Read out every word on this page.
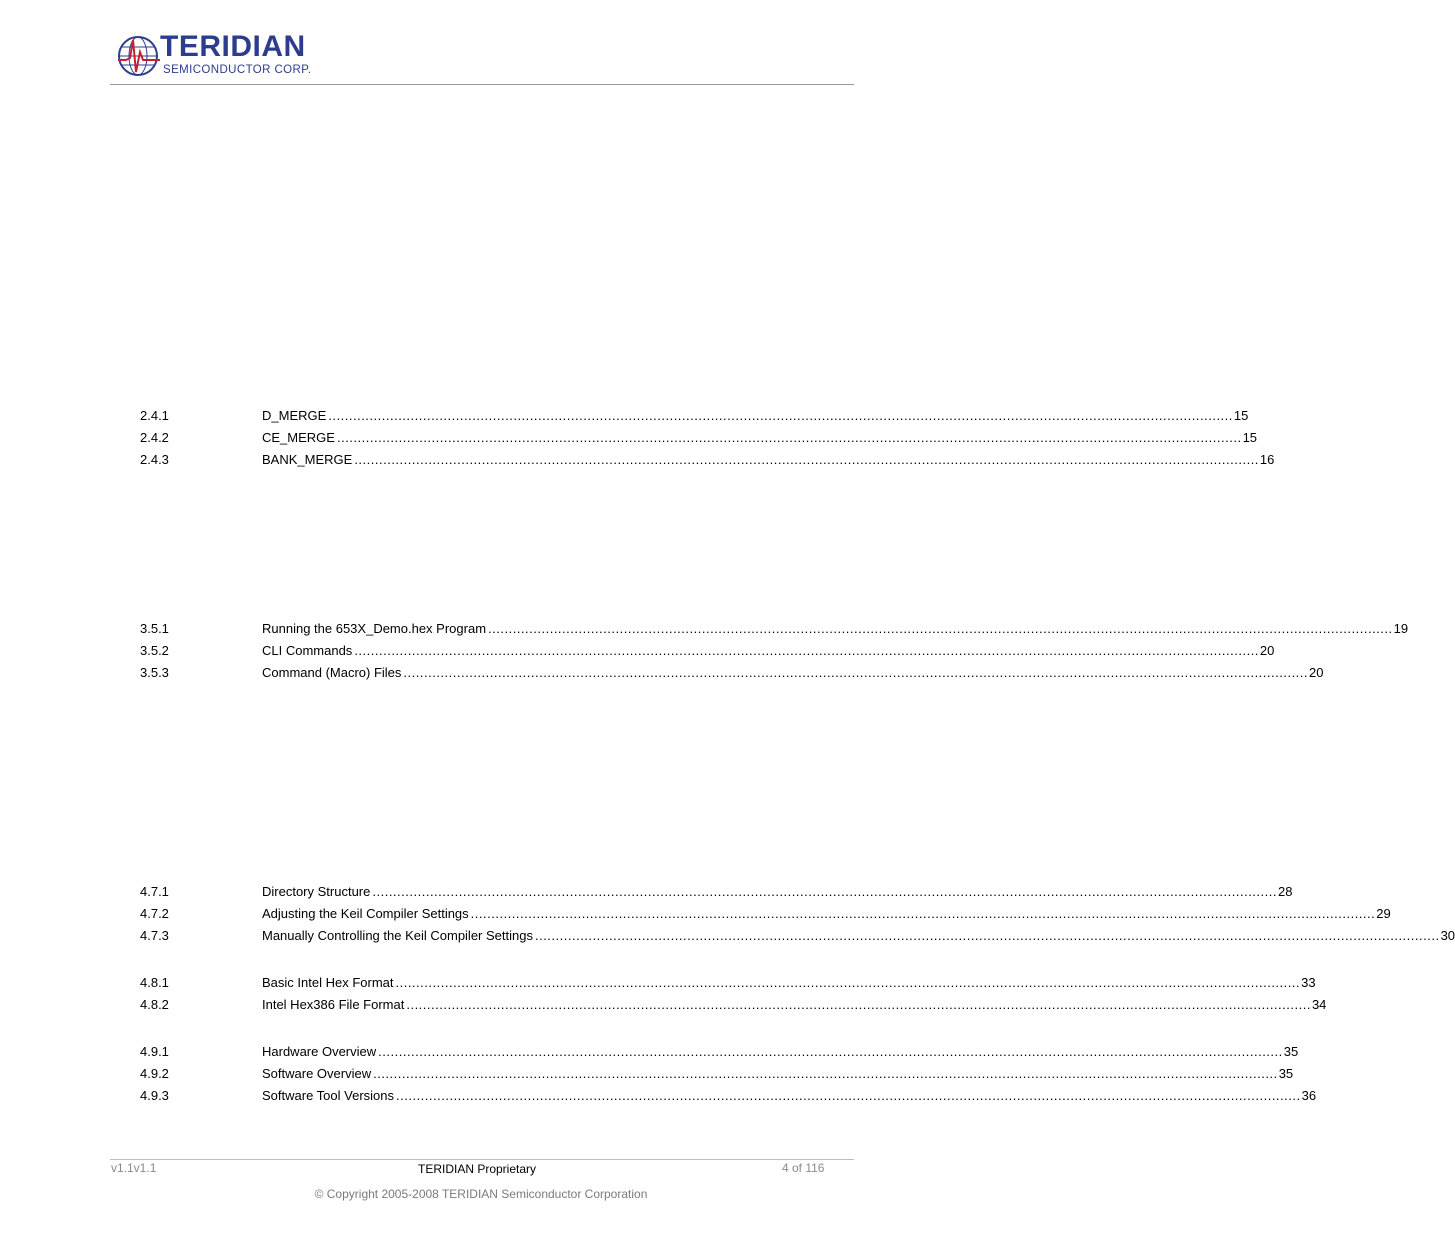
TERIDIAN
SEMICONDUCTOR CORP.
2.4.1	D_MERGE ............................................................................................................................................................................................................................ 15
2.4.2	CE_MERGE ............................................................................................................................................................................................................................ 15
2.4.3	BANK_MERGE ............................................................................................................................................................................................................................ 16
3.5.1	Running the 653X_Demo.hex Program ............................................................................................................................................................................................................................ 19
3.5.2	CLI Commands ............................................................................................................................................................................................................................ 20
3.5.3	Command (Macro) Files ............................................................................................................................................................................................................................ 20
4.7.1	Directory Structure ............................................................................................................................................................................................................................ 28
4.7.2	Adjusting the Keil Compiler Settings ............................................................................................................................................................................................................................ 29
4.7.3	Manually Controlling the Keil Compiler Settings ............................................................................................................................................................................................................................ 30
4.8.1	Basic Intel Hex Format ............................................................................................................................................................................................................................ 33
4.8.2	Intel Hex386 File Format ............................................................................................................................................................................................................................ 34
4.9.1	Hardware Overview ............................................................................................................................................................................................................................ 35
4.9.2	Software Overview ............................................................................................................................................................................................................................ 35
4.9.3	Software Tool Versions ............................................................................................................................................................................................................................ 36
v1.1v1.1	TERIDIAN Proprietary	4 of 116
© Copyright 2005-2008 TERIDIAN Semiconductor Corporation
